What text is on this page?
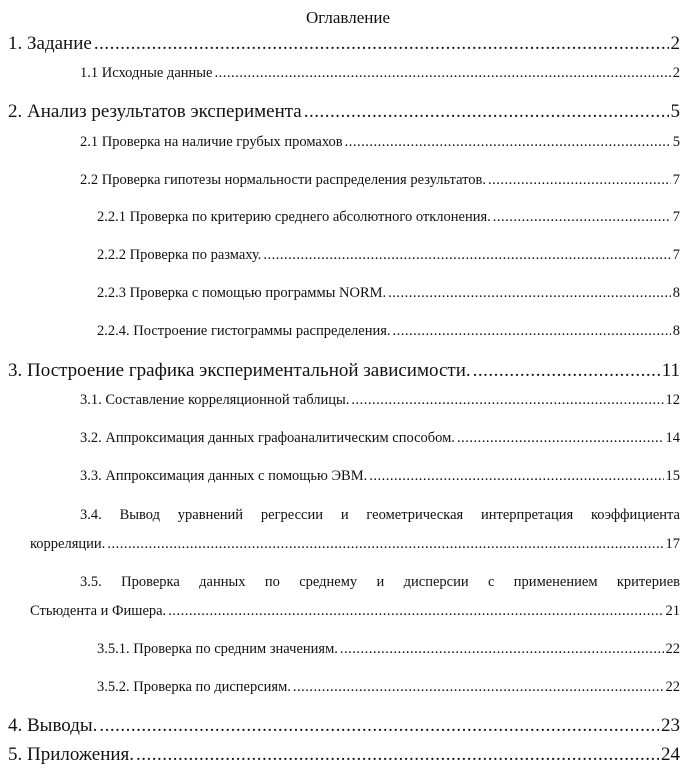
Оглавление
1. Задание .....	2
1.1 Исходные данные .....	2
2. Анализ результатов эксперимента .....	5
2.1 Проверка на наличие грубых промахов .....	5
2.2 Проверка гипотезы нормальности распределения результатов. .....	7
2.2.1 Проверка по критерию среднего абсолютного отклонения. .....	7
2.2.2 Проверка по размаху. .....	7
2.2.3 Проверка с помощью программы NORM. .....	8
2.2.4. Построение гистограммы распределения. .....	8
3. Построение графика экспериментальной зависимости. .....	11
3.1. Составление корреляционной таблицы. .....	12
3.2. Аппроксимация данных графоаналитическим способом. .....	14
3.3. Аппроксимация данных с помощью ЭВМ. .....	15
3.4. Вывод уравнений регрессии и геометрическая интерпретация коэффициента
корреляции. .....	17
3.5. Проверка данных по среднему и дисперсии с применением критериев
Стьюдента и Фишера. .....	21
3.5.1. Проверка по средним значениям. .....	22
3.5.2. Проверка по дисперсиям. .....	22
4. Выводы. .....	23
5. Приложения. .....	24
